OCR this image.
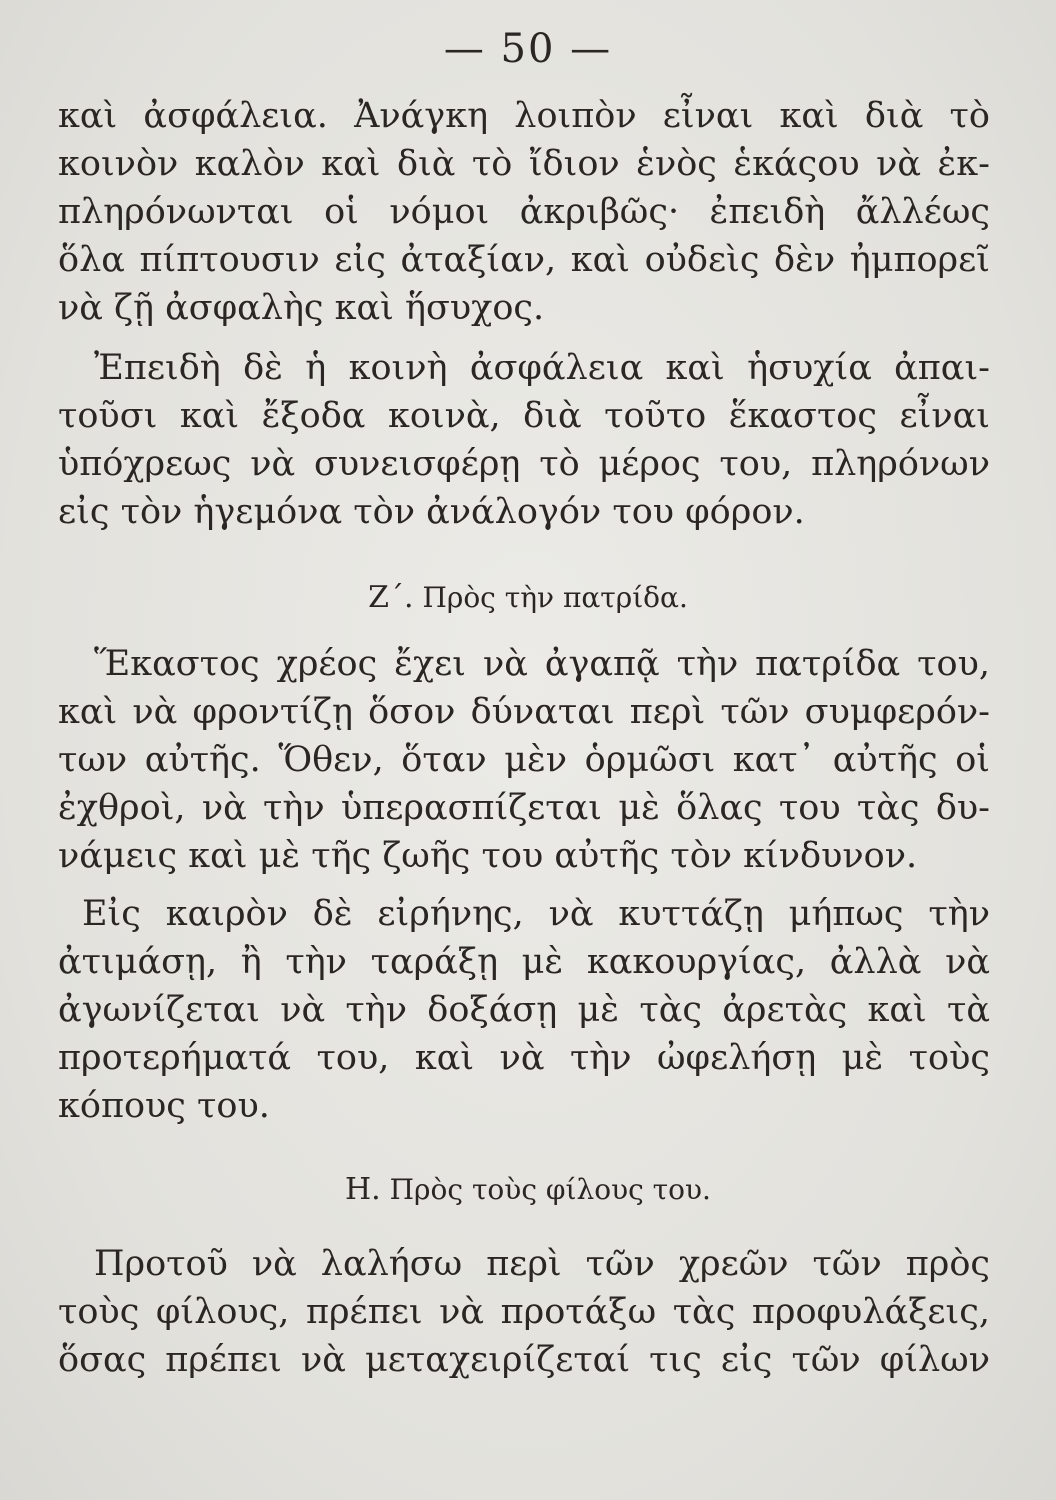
— 50 —
καὶ ἀσφάλεια. Ἀνάγκη λοιπὸν εἶναι καὶ διὰ τὸ
κοινὸν καλὸν καὶ διὰ τὸ ἴδιον ἑνὸς ἑκάςου νὰ ἐκ-
πληρόνωνται οἱ νόμοι ἀκριβῶς· ἐπειδὴ ἄλλέως
ὅλα πίπτουσιν εἰς ἀταξίαν, καὶ οὐδεὶς δὲν ἠμπορεῖ
νὰ ζῇ ἀσφαλὴς καὶ ἥσυχος.
Ἐπειδὴ δὲ ἡ κοινὴ ἀσφάλεια καὶ ἡσυχία ἀπαι-
τοῦσι καὶ ἔξοδα κοινὰ, διὰ τοῦτο ἕκαστος εἶναι
ὑπόχρεως νὰ συνεισφέρῃ τὸ μέρος του, πληρόνων
εἰς τὸν ἡγεμόνα τὸν ἀνάλογόν του φόρον.
Ζ΄. Πρὸς τὴν πατρίδα.
Ἕκαστος χρέος ἔχει νὰ ἀγαπᾷ τὴν πατρίδα του,
καὶ νὰ φροντίζῃ ὅσον δύναται περὶ τῶν συμφερόν-
των αὐτῆς. Ὅθεν, ὅταν μὲν ὁρμῶσι κατ᾽ αὐτῆς οἱ
ἐχθροὶ, νὰ τὴν ὑπερασπίζεται μὲ ὅλας του τὰς δυ-
νάμεις καὶ μὲ τῆς ζωῆς του αὐτῆς τὸν κίνδυνον.
Εἰς καιρὸν δὲ εἰρήνης, νὰ κυττάζῃ μήπως τὴν
ἀτιμάσῃ, ἢ τὴν ταράξῃ μὲ κακουργίας, ἀλλὰ νὰ
ἀγωνίζεται νὰ τὴν δοξάσῃ μὲ τὰς ἀρετὰς καὶ τὰ
προτερήματά του, καὶ νὰ τὴν ὠφελήσῃ μὲ τοὺς
κόπους του.
Η. Πρὸς τοὺς φίλους του.
Προτοῦ νὰ λαλήσω περὶ τῶν χρεῶν τῶν πρὸς
τοὺς φίλους, πρέπει νὰ προτάξω τὰς προφυλάξεις,
ὅσας πρέπει νὰ μεταχειρίζεταί τις εἰς τῶν φίλων
